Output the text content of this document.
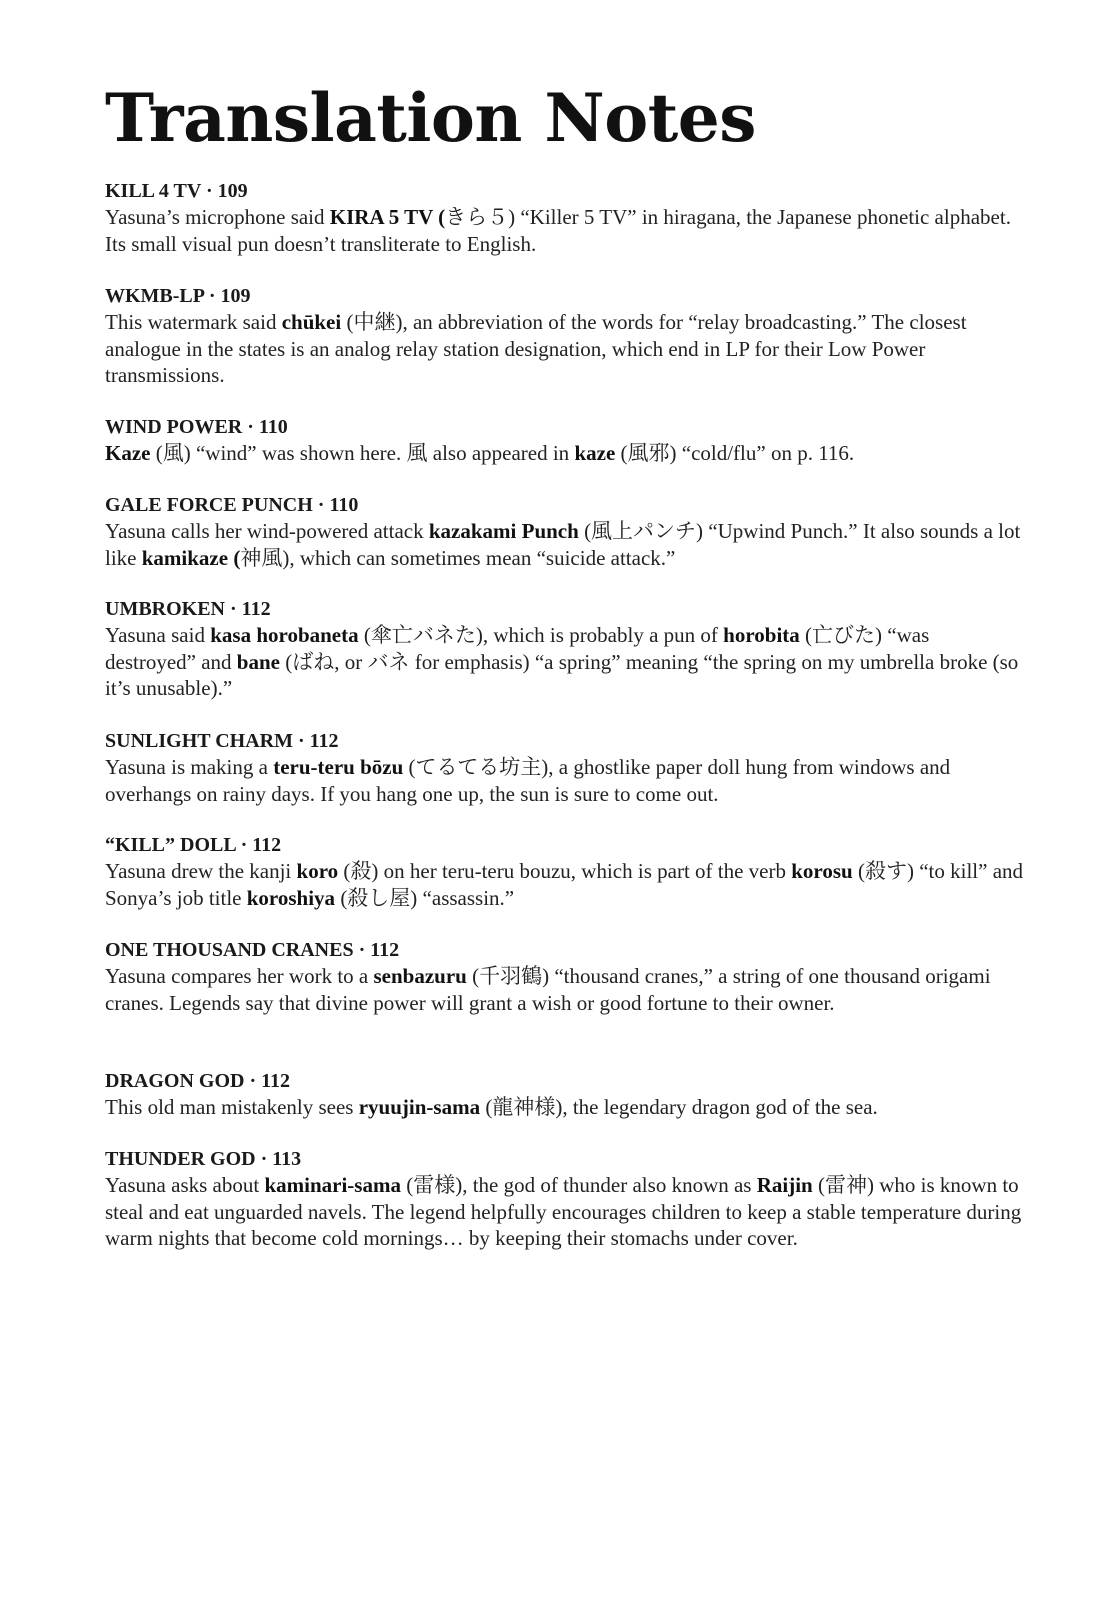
Translation Notes

KILL 4 TV · 109

Yasuna’s microphone said KIRA 5 TV (きら５) “Killer 5 TV” in hiragana, the Japanese phonetic alphabet. Its small visual pun doesn’t transliterate to English.

WKMB-LP · 109

This watermark said chūkei (中継), an abbreviation of the words for “relay broadcasting.” The closest analogue in the states is an analog relay station designation, which end in LP for their Low Power transmissions.

WIND POWER · 110

Kaze (風) “wind” was shown here. 風 also appeared in kaze (風邪) “cold/flu” on p. 116.

GALE FORCE PUNCH · 110

Yasuna calls her wind-powered attack kazakami Punch (風上パンチ) “Upwind Punch.” It also sounds a lot like kamikaze (神風), which can sometimes mean “suicide attack.”

UMBROKEN · 112

Yasuna said kasa horobaneta (傘亡バネた), which is probably a pun of horobita (亡びた) “was destroyed” and bane (ばね, or バネ for emphasis) “a spring” meaning “the spring on my umbrella broke (so it’s unusable).”

SUNLIGHT CHARM · 112

Yasuna is making a teru-teru bōzu (てるてる坊主), a ghostlike paper doll hung from windows and overhangs on rainy days. If you hang one up, the sun is sure to come out.

“KILL” DOLL · 112

Yasuna drew the kanji koro (殺) on her teru-teru bouzu, which is part of the verb korosu (殺す) “to kill” and Sonya’s job title koroshiya (殺し屋) “assassin.”

ONE THOUSAND CRANES · 112

Yasuna compares her work to a senbazuru (千羽鶴) “thousand cranes,” a string of one thousand origami cranes. Legends say that divine power will grant a wish or good fortune to their owner.

DRAGON GOD · 112

This old man mistakenly sees ryuujin-sama (龍神様), the legendary dragon god of the sea.

THUNDER GOD · 113

Yasuna asks about kaminari-sama (雷様), the god of thunder also known as Raijin (雷神) who is known to steal and eat unguarded navels. The legend helpfully encourages children to keep a stable temperature during warm nights that become cold mornings… by keeping their stomachs under cover.
